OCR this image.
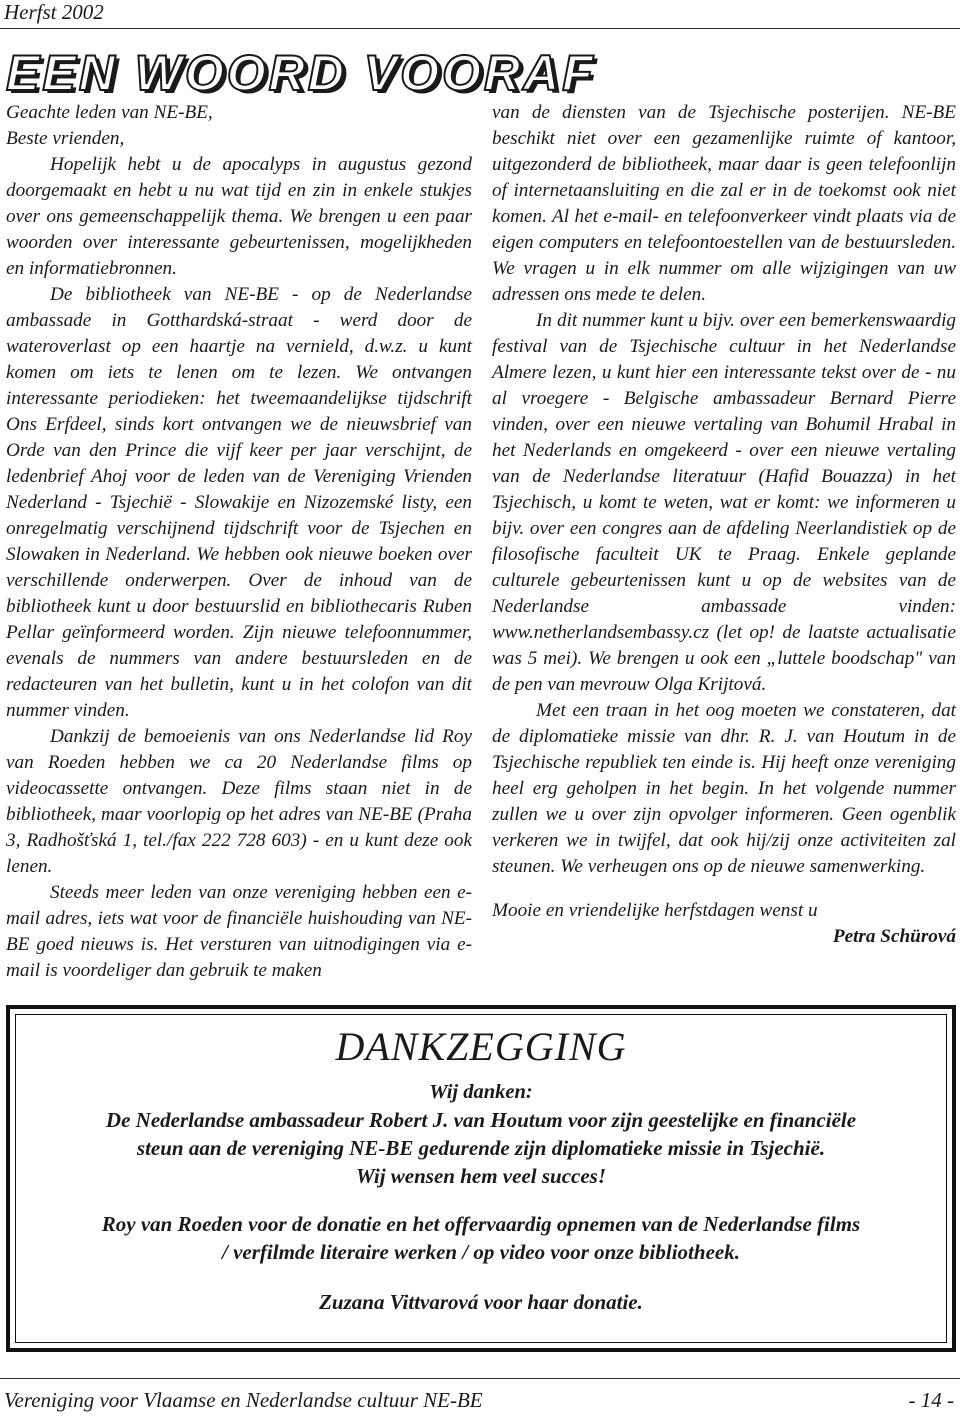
Herfst 2002
EEN WOORD VOORAF

Geachte leden van NE-BE,

Beste vrienden,

Hopelijk hebt u de apocalyps in augustus gezond doorgemaakt en hebt u nu wat tijd en zin in enkele stukjes over ons gemeenschappelijk thema. We brengen u een paar woorden over interessante gebeurtenissen, mogelijkheden en informatiebronnen.

De bibliotheek van NE-BE - op de Nederlandse ambassade in Gotthardská-straat - werd door de wateroverlast op een haartje na vernield, d.w.z. u kunt komen om iets te lenen om te lezen. We ontvangen interessante periodieken: het tweemaandelijkse tijdschrift Ons Erfdeel, sinds kort ontvangen we de nieuwsbrief van Orde van den Prince die vijf keer per jaar verschijnt, de ledenbrief Ahoj voor de leden van de Vereniging Vrienden Nederland - Tsjechië - Slowakije en Nizozemské listy, een onregelmatig verschijnend tijdschrift voor de Tsjechen en Slowaken in Nederland. We hebben ook nieuwe boeken over verschillende onderwerpen. Over de inhoud van de bibliotheek kunt u door bestuurslid en bibliothecaris Ruben Pellar geïnformeerd worden. Zijn nieuwe telefoonnummer, evenals de nummers van andere bestuursleden en de redacteuren van het bulletin, kunt u in het colofon van dit nummer vinden.

Dankzij de bemoeienis van ons Nederlandse lid Roy van Roeden hebben we ca 20 Nederlandse films op videocassette ontvangen. Deze films staan niet in de bibliotheek, maar voorlopig op het adres van NE-BE (Praha 3, Radhošťská 1, tel./fax 222 728 603) - en u kunt deze ook lenen.

Steeds meer leden van onze vereniging hebben een e-mail adres, iets wat voor de financiële huishouding van NE-BE goed nieuws is. Het versturen van uitnodigingen via e-mail is voordeliger dan gebruik te maken

van de diensten van de Tsjechische posterijen. NE-BE beschikt niet over een gezamenlijke ruimte of kantoor, uitgezonderd de bibliotheek, maar daar is geen telefoonlijn of internetaansluiting en die zal er in de toekomst ook niet komen. Al het e-mail- en telefoonverkeer vindt plaats via de eigen computers en telefoontoestellen van de bestuursleden. We vragen u in elk nummer om alle wijzigingen van uw adressen ons mede te delen.

In dit nummer kunt u bijv. over een bemerkenswaardig festival van de Tsjechische cultuur in het Nederlandse Almere lezen, u kunt hier een interessante tekst over de - nu al vroegere - Belgische ambassadeur Bernard Pierre vinden, over een nieuwe vertaling van Bohumil Hrabal in het Nederlands en omgekeerd - over een nieuwe vertaling van de Nederlandse literatuur (Hafid Bouazza) in het Tsjechisch, u komt te weten, wat er komt: we informeren u bijv. over een congres aan de afdeling Neerlandistiek op de filosofische faculteit UK te Praag. Enkele geplande culturele gebeurtenissen kunt u op de websites van de Nederlandse ambassade vinden: www.netherlandsembassy.cz (let op! de laatste actualisatie was 5 mei). We brengen u ook een „luttele boodschap" van de pen van mevrouw Olga Krijtová.

Met een traan in het oog moeten we constateren, dat de diplomatieke missie van dhr. R. J. van Houtum in de Tsjechische republiek ten einde is. Hij heeft onze vereniging heel erg geholpen in het begin. In het volgende nummer zullen we u over zijn opvolger informeren. Geen ogenblik verkeren we in twijfel, dat ook hij/zij onze activiteiten zal steunen. We verheugen ons op de nieuwe samenwerking.

Mooie en vriendelijke herfstdagen wenst u

Petra Schürová

DANKZEGGING
Wij danken:
De Nederlandse ambassadeur Robert J. van Houtum voor zijn geestelijke en financiële
steun aan de vereniging NE-BE gedurende zijn diplomatieke missie in Tsjechië.
Wij wensen hem veel succes!
Roy van Roeden voor de donatie en het offervaardig opnemen van de Nederlandse films
/ verfilmde literaire werken / op video voor onze bibliotheek.
Zuzana Vittvarová voor haar donatie.
Vereniging voor Vlaamse en Nederlandse cultuur NE-BE	- 14 -
